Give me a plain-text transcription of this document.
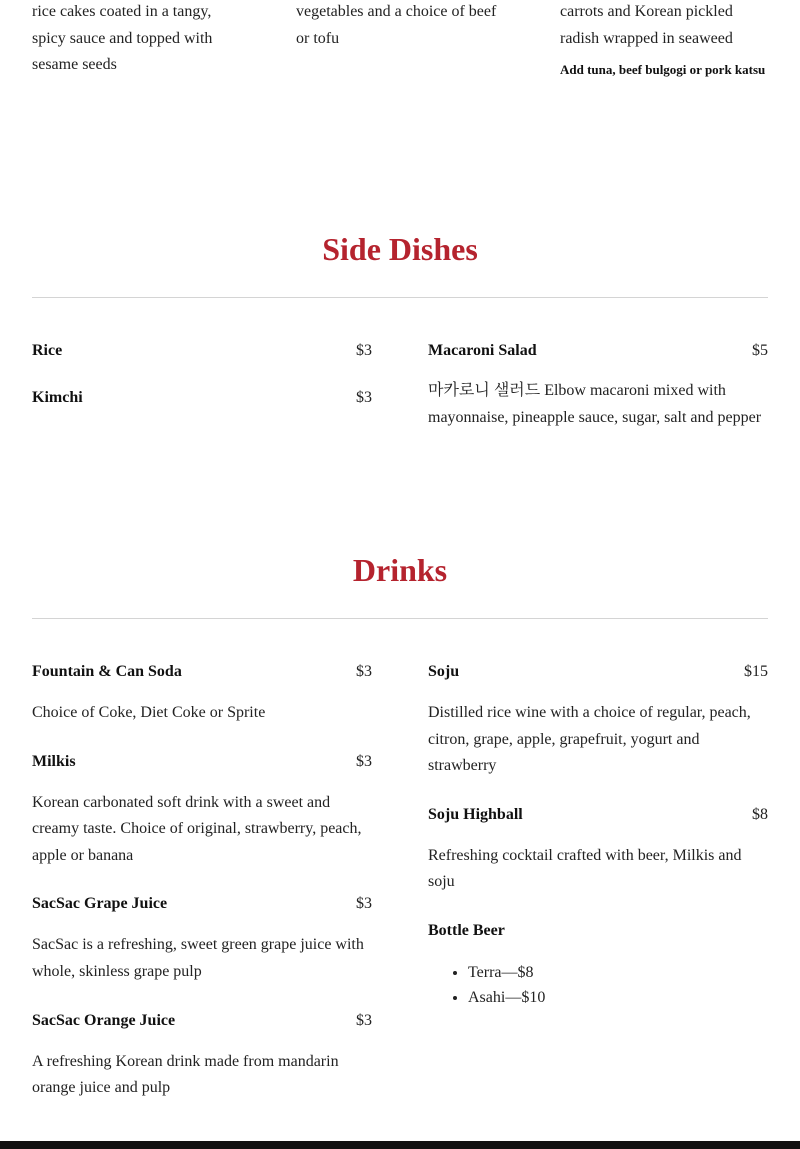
rice cakes coated in a tangy, spicy sauce and topped with sesame seeds
vegetables and a choice of beef or tofu
carrots and Korean pickled radish wrapped in seaweed
Add tuna, beef bulgogi or pork katsu
Side Dishes
Rice	$3
Kimchi	$3
Macaroni Salad	$5
마카로니 샐러드 Elbow macaroni mixed with mayonnaise, pineapple sauce, sugar, salt and pepper
Drinks
Fountain & Can Soda	$3
Choice of Coke, Diet Coke or Sprite
Milkis	$3
Korean carbonated soft drink with a sweet and creamy taste. Choice of original, strawberry, peach, apple or banana
SacSac Grape Juice	$3
SacSac is a refreshing, sweet green grape juice with whole, skinless grape pulp
SacSac Orange Juice	$3
A refreshing Korean drink made from mandarin orange juice and pulp
Soju	$15
Distilled rice wine with a choice of regular, peach, citron, grape, apple, grapefruit, yogurt and strawberry
Soju Highball	$8
Refreshing cocktail crafted with beer, Milkis and soju
Bottle Beer
• Terra—$8
• Asahi—$10
